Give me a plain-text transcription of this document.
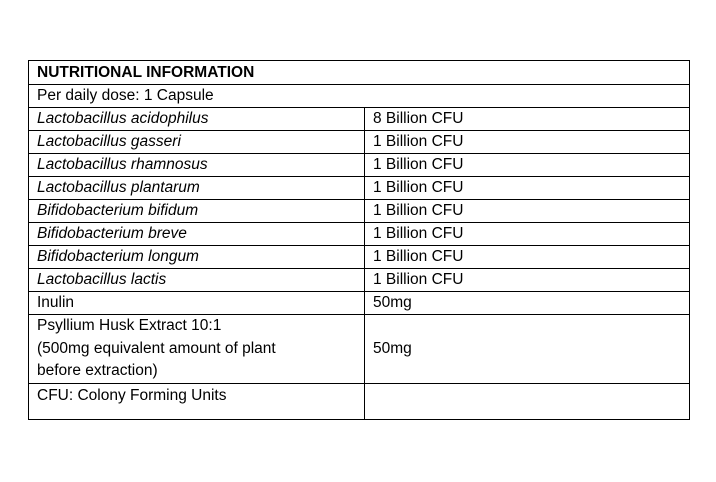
NUTRITIONAL INFORMATION	
Per daily dose: 1 Capsule	
Lactobacillus acidophilus	8 Billion CFU
Lactobacillus gasseri	1 Billion CFU
Lactobacillus rhamnosus	1 Billion CFU
Lactobacillus plantarum	1 Billion CFU
Bifidobacterium bifidum	1 Billion CFU
Bifidobacterium breve	1 Billion CFU
Bifidobacterium longum	1 Billion CFU
Lactobacillus lactis	1 Billion CFU
Inulin	50mg

Psyllium Husk Extract 10:1
(500mg equivalent amount of plant
before extraction)	50mg
CFU: Colony Forming Units	
